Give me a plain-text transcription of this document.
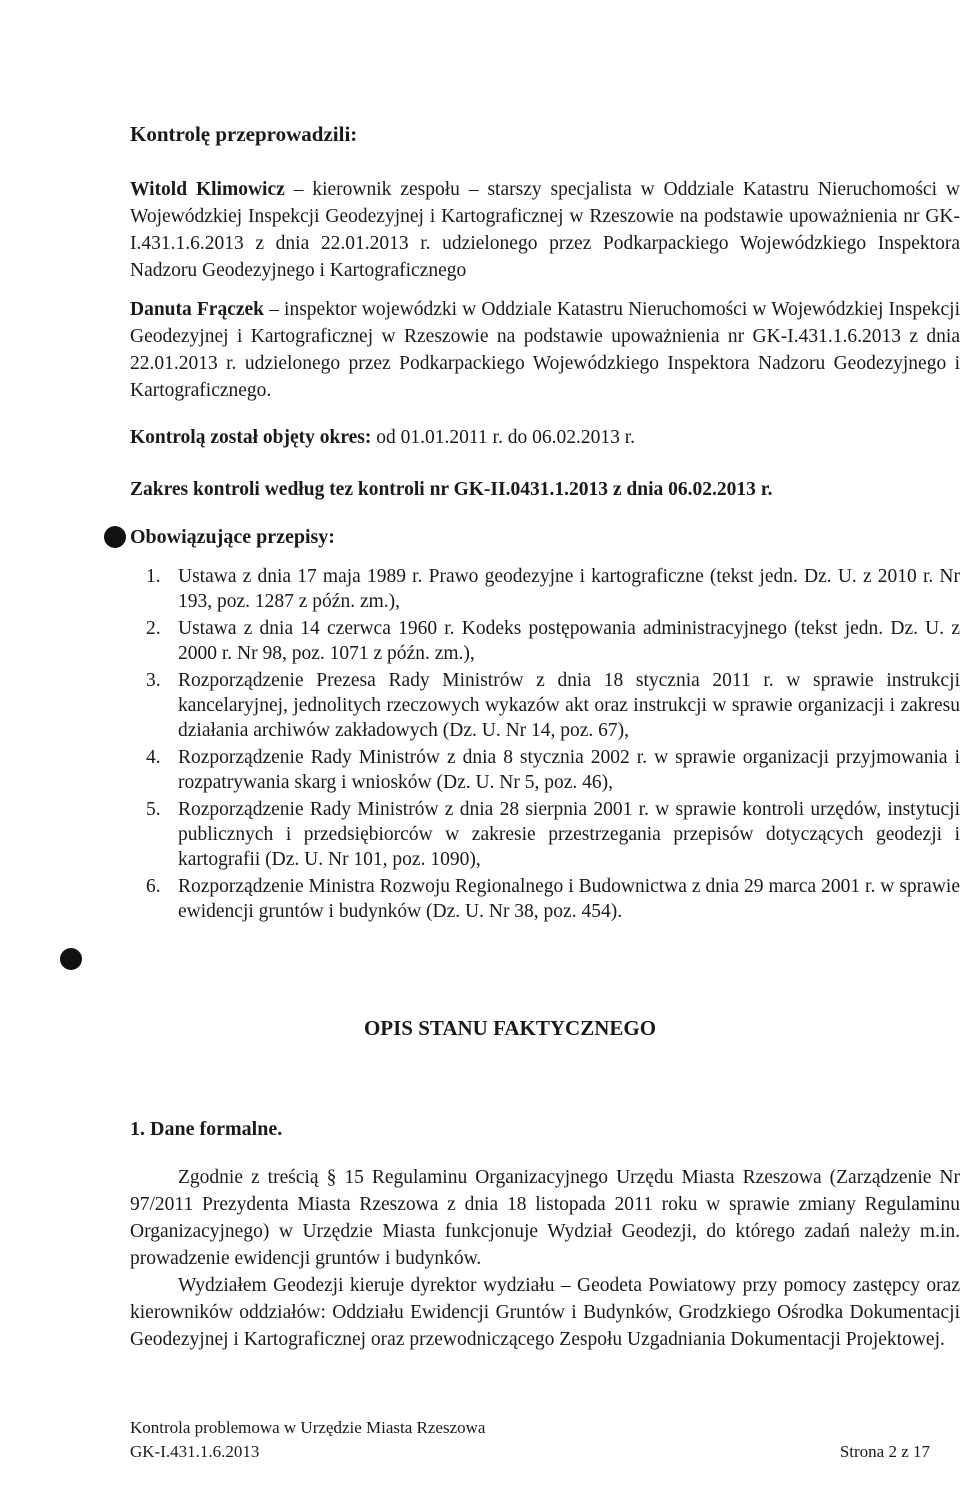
Kontrolę przeprowadzili:
Witold Klimowicz – kierownik zespołu – starszy specjalista w Oddziale Katastru Nieruchomości w Wojewódzkiej Inspekcji Geodezyjnej i Kartograficznej w Rzeszowie na podstawie upoważnienia nr GK-I.431.1.6.2013 z dnia 22.01.2013 r. udzielonego przez Podkarpackiego Wojewódzkiego Inspektora Nadzoru Geodezyjnego i Kartograficznego
Danuta Frączek – inspektor wojewódzki w Oddziale Katastru Nieruchomości w Wojewódzkiej Inspekcji Geodezyjnej i Kartograficznej w Rzeszowie na podstawie upoważnienia nr GK-I.431.1.6.2013 z dnia 22.01.2013 r. udzielonego przez Podkarpackiego Wojewódzkiego Inspektora Nadzoru Geodezyjnego i Kartograficznego.
Kontrolą został objęty okres: od 01.01.2011 r. do 06.02.2013 r.
Zakres kontroli według tez kontroli nr GK-II.0431.1.2013 z dnia 06.02.2013 r.
Obowiązujące przepisy:
1. Ustawa z dnia 17 maja 1989 r. Prawo geodezyjne i kartograficzne (tekst jedn. Dz. U. z 2010 r. Nr 193, poz. 1287 z późn. zm.),
2. Ustawa z dnia 14 czerwca 1960 r. Kodeks postępowania administracyjnego (tekst jedn. Dz. U. z 2000 r. Nr 98, poz. 1071 z późn. zm.),
3. Rozporządzenie Prezesa Rady Ministrów z dnia 18 stycznia 2011 r. w sprawie instrukcji kancelaryjnej, jednolitych rzeczowych wykazów akt oraz instrukcji w sprawie organizacji i zakresu działania archiwów zakładowych (Dz. U. Nr 14, poz. 67),
4. Rozporządzenie Rady Ministrów z dnia 8 stycznia 2002 r. w sprawie organizacji przyjmowania i rozpatrywania skarg i wniosków (Dz. U. Nr 5, poz. 46),
5. Rozporządzenie Rady Ministrów z dnia 28 sierpnia 2001 r. w sprawie kontroli urzędów, instytucji publicznych i przedsiębiorców w zakresie przestrzegania przepisów dotyczących geodezji i kartografii (Dz. U. Nr 101, poz. 1090),
6. Rozporządzenie Ministra Rozwoju Regionalnego i Budownictwa z dnia 29 marca 2001 r. w sprawie ewidencji gruntów i budynków (Dz. U. Nr 38, poz. 454).
OPIS STANU FAKTYCZNEGO
1. Dane formalne.
Zgodnie z treścią § 15 Regulaminu Organizacyjnego Urzędu Miasta Rzeszowa (Zarządzenie Nr 97/2011 Prezydenta Miasta Rzeszowa z dnia 18 listopada 2011 roku w sprawie zmiany Regulaminu Organizacyjnego) w Urzędzie Miasta funkcjonuje Wydział Geodezji, do którego zadań należy m.in. prowadzenie ewidencji gruntów i budynków.
Wydziałem Geodezji kieruje dyrektor wydziału – Geodeta Powiatowy przy pomocy zastępcy oraz kierowników oddziałów: Oddziału Ewidencji Gruntów i Budynków, Grodzkiego Ośrodka Dokumentacji Geodezyjnej i Kartograficznej oraz przewodniczącego Zespołu Uzgadniania Dokumentacji Projektowej.
Kontrola problemowa w Urzędzie Miasta Rzeszowa
GK-I.431.1.6.2013	Strona 2 z 17
